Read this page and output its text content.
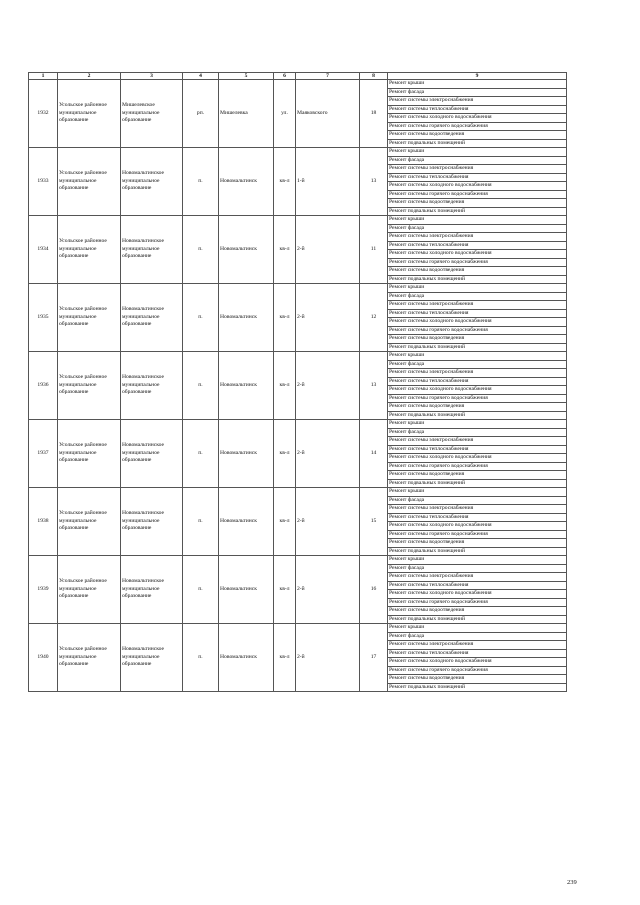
1	2	3	4	5	6	7	8	9
1932	Усольское районное муниципальное образование	Мишелевское муниципальное образование	рп.	Мишелевка	ул.	Маяковского	18	Ремонт крыши
								Ремонт фасада
								Ремонт системы электроснабжения
								Ремонт системы теплоснабжения
								Ремонт системы холодного водоснабжения
								Ремонт системы горячего водоснабжения
								Ремонт системы водоотведения
								Ремонт подвальных помещений
1933	Усольское районное муниципальное образование	Новомальтинское муниципальное образование	п.	Новомальтинск	кв-л	1-й	13	Ремонт крыши
								Ремонт фасада
								Ремонт системы электроснабжения
								Ремонт системы теплоснабжения
								Ремонт системы холодного водоснабжения
								Ремонт системы горячего водоснабжения
								Ремонт системы водоотведения
								Ремонт подвальных помещений
1934	Усольское районное муниципальное образование	Новомальтинское муниципальное образование	п.	Новомальтинск	кв-л	2-й	11	Ремонт крыши
								Ремонт фасада
								Ремонт системы электроснабжения
								Ремонт системы теплоснабжения
								Ремонт системы холодного водоснабжения
								Ремонт системы горячего водоснабжения
								Ремонт системы водоотведения
								Ремонт подвальных помещений
1935	Усольское районное муниципальное образование	Новомальтинское муниципальное образование	п.	Новомальтинск	кв-л	2-й	12	Ремонт крыши
								Ремонт фасада
								Ремонт системы электроснабжения
								Ремонт системы теплоснабжения
								Ремонт системы холодного водоснабжения
								Ремонт системы горячего водоснабжения
								Ремонт системы водоотведения
								Ремонт подвальных помещений
1936	Усольское районное муниципальное образование	Новомальтинское муниципальное образование	п.	Новомальтинск	кв-л	2-й	13	Ремонт крыши
								Ремонт фасада
								Ремонт системы электроснабжения
								Ремонт системы теплоснабжения
								Ремонт системы холодного водоснабжения
								Ремонт системы горячего водоснабжения
								Ремонт системы водоотведения
								Ремонт подвальных помещений
1937	Усольское районное муниципальное образование	Новомальтинское муниципальное образование	п.	Новомальтинск	кв-л	2-й	14	Ремонт крыши
								Ремонт фасада
								Ремонт системы электроснабжения
								Ремонт системы теплоснабжения
								Ремонт системы холодного водоснабжения
								Ремонт системы горячего водоснабжения
								Ремонт системы водоотведения
								Ремонт подвальных помещений
1938	Усольское районное муниципальное образование	Новомальтинское муниципальное образование	п.	Новомальтинск	кв-л	2-й	15	Ремонт крыши
								Ремонт фасада
								Ремонт системы электроснабжения
								Ремонт системы теплоснабжения
								Ремонт системы холодного водоснабжения
								Ремонт системы горячего водоснабжения
								Ремонт системы водоотведения
								Ремонт подвальных помещений
1939	Усольское районное муниципальное образование	Новомальтинское муниципальное образование	п.	Новомальтинск	кв-л	2-й	16	Ремонт крыши
								Ремонт фасада
								Ремонт системы электроснабжения
								Ремонт системы теплоснабжения
								Ремонт системы холодного водоснабжения
								Ремонт системы горячего водоснабжения
								Ремонт системы водоотведения
								Ремонт подвальных помещений
1940	Усольское районное муниципальное образование	Новомальтинское муниципальное образование	п.	Новомальтинск	кв-л	2-й	17	Ремонт крыши
								Ремонт фасада
								Ремонт системы электроснабжения
								Ремонт системы теплоснабжения
								Ремонт системы холодного водоснабжения
								Ремонт системы горячего водоснабжения
								Ремонт системы водоотведения
								Ремонт подвальных помещений
239
